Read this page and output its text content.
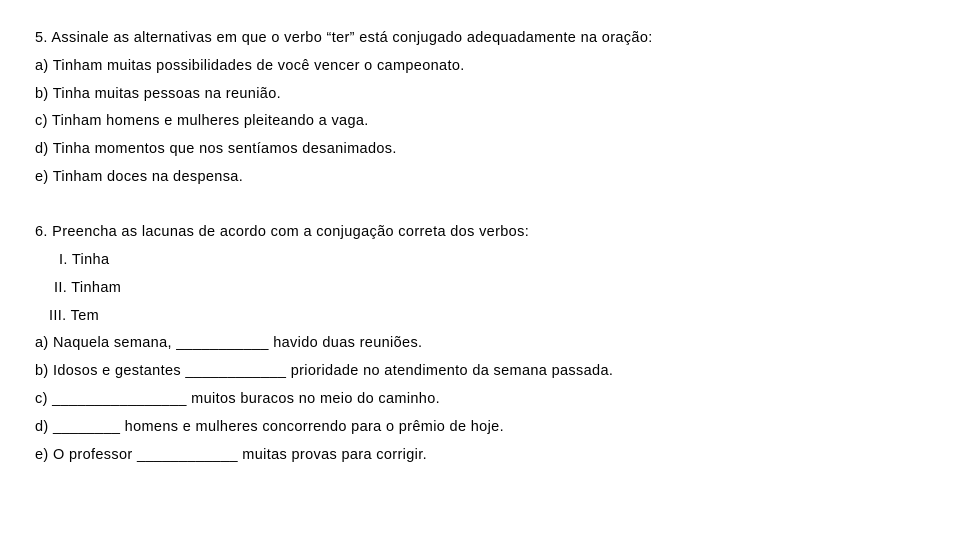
5. Assinale as alternativas em que o verbo “ter” está conjugado adequadamente na oração:
a) Tinham muitas possibilidades de você vencer o campeonato.
b) Tinha muitas pessoas na reunião.
c) Tinham homens e mulheres pleiteando a vaga.
d) Tinha momentos que nos sentíamos desanimados.
e) Tinham doces na despensa.
6. Preencha as lacunas de acordo com a conjugação correta dos verbos:
I. Tinha
II. Tinham
III. Tem
a) Naquela semana, ___________ havido duas reuniões.
b) Idosos e gestantes ____________ prioridade no atendimento da semana passada.
c) ________________ muitos buracos no meio do caminho.
d) ________ homens e mulheres concorrendo para o prêmio de hoje.
e) O professor ____________ muitas provas para corrigir.
